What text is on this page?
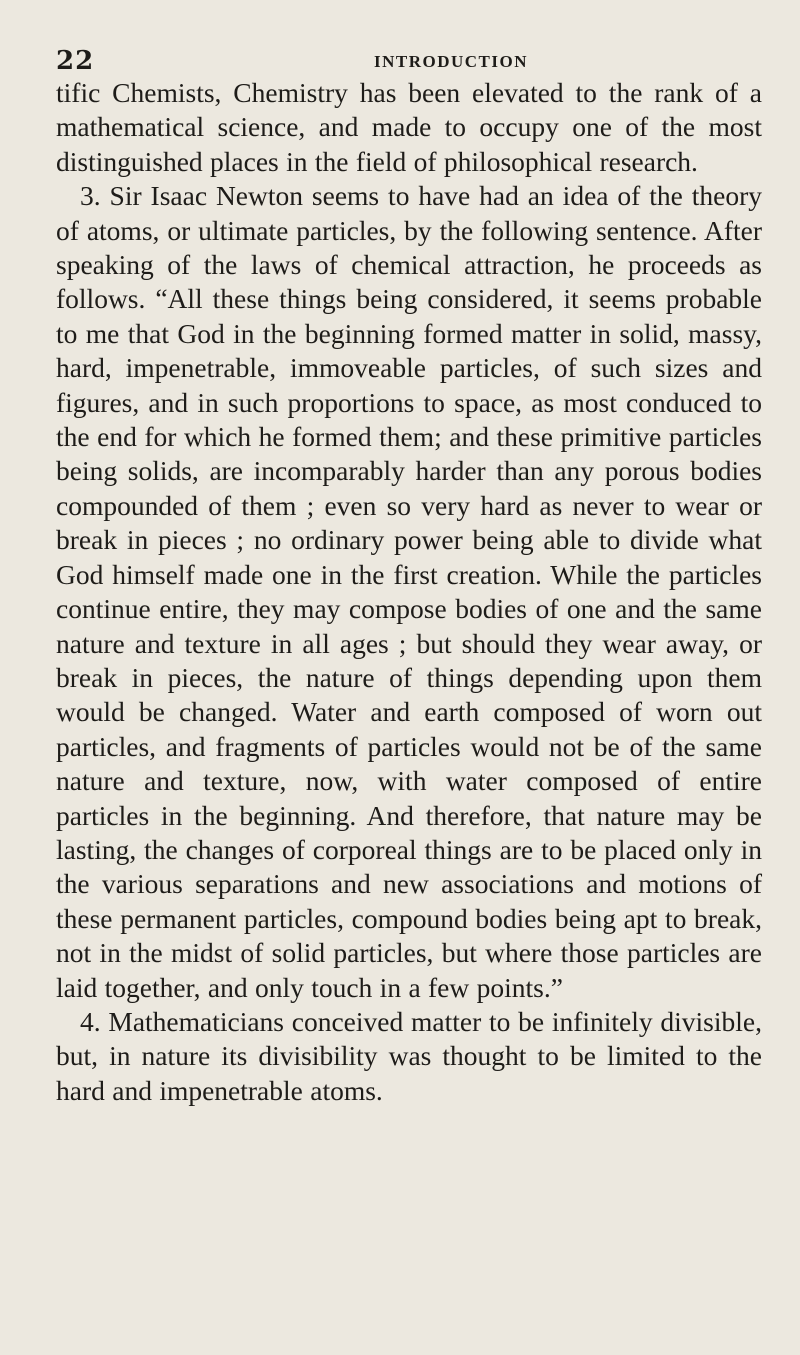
22	INTRODUCTION

tific Chemists, Chemistry has been elevated to the rank of a mathematical science, and made to occupy one of the most distinguished places in the field of philosophical research.

3. Sir Isaac Newton seems to have had an idea of the theory of atoms, or ultimate particles, by the following sentence. After speaking of the laws of chemical attraction, he proceeds as follows. “All these things being considered, it seems probable to me that God in the beginning formed matter in solid, massy, hard, impenetrable, immoveable particles, of such sizes and figures, and in such proportions to space, as most conduced to the end for which he formed them; and these primitive particles being solids, are incomparably harder than any porous bodies compounded of them ; even so very hard as never to wear or break in pieces ; no ordinary power being able to divide what God himself made one in the first creation. While the particles continue entire, they may compose bodies of one and the same nature and texture in all ages ; but should they wear away, or break in pieces, the nature of things depending upon them would be changed. Water and earth composed of worn out particles, and fragments of particles would not be of the same nature and texture, now, with water composed of entire particles in the beginning. And therefore, that nature may be lasting, the changes of corporeal things are to be placed only in the various separations and new associations and motions of these permanent particles, compound bodies being apt to break, not in the midst of solid particles, but where those particles are laid together, and only touch in a few points.”

4. Mathematicians conceived matter to be infinitely divisible, but, in nature its divisibility was thought to be limited to the hard and impenetrable atoms.
